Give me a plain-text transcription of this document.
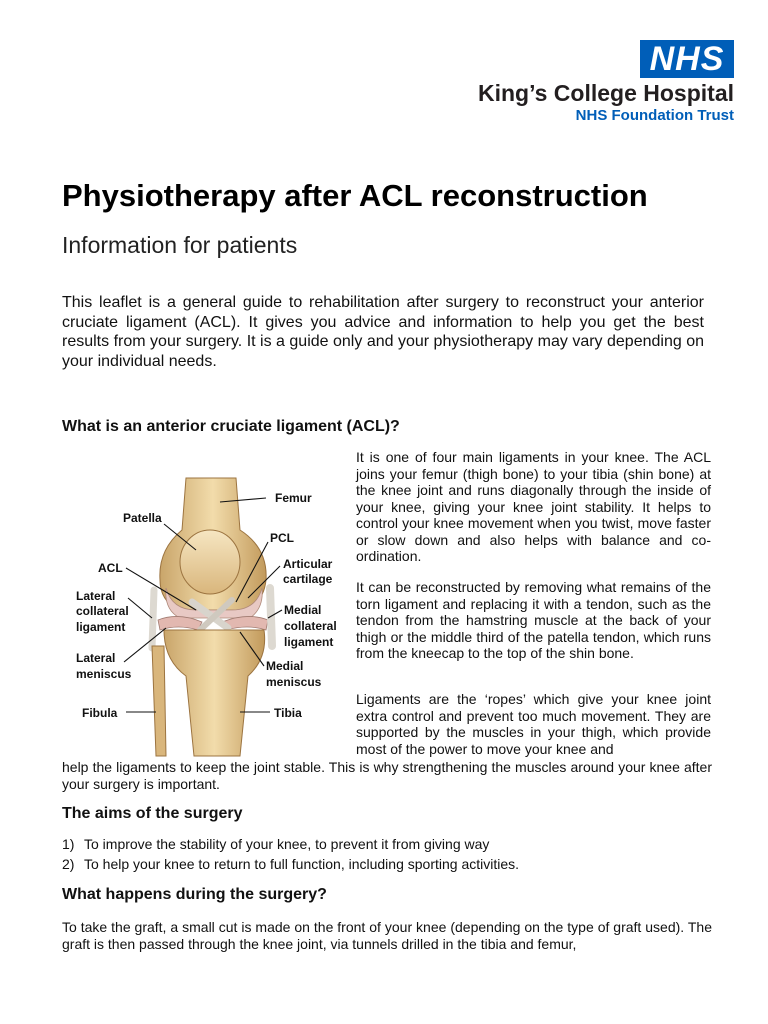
NHS
King’s College Hospital
NHS Foundation Trust
Physiotherapy after ACL reconstruction
Information for patients
This leaflet is a general guide to rehabilitation after surgery to reconstruct your anterior cruciate ligament (ACL). It gives you advice and information to help you get the best results from your surgery. It is a guide only and your physiotherapy may vary depending on your individual needs.
What is an anterior cruciate ligament (ACL)?
It is one of four main ligaments in your knee. The ACL joins your femur (thigh bone) to your tibia (shin bone) at the knee joint and runs diagonally through the inside of your knee, giving your knee joint stability. It helps to control your knee movement when you twist, move faster or slow down and also helps with balance and co-ordination.
It can be reconstructed by removing what remains of the torn ligament and replacing it with a tendon, such as the tendon from the hamstring muscle at the back of your thigh or the middle third of the patella tendon, which runs from the kneecap to the top of the shin bone.
Ligaments are the ‘ropes’ which give your knee joint extra control and prevent too much movement. They are supported by the muscles in your thigh, which provide most of the power to move your knee and
help the ligaments to keep the joint stable. This is why strengthening the muscles around your knee after your surgery is important.
Femur
Patella
PCL
ACL	Articular
cartilage
Lateral
collateral
ligament
Medial
collateral
ligament
Lateral
meniscus
Medial
meniscus
Fibula	Tibia
The aims of the surgery
1) To improve the stability of your knee, to prevent it from giving way
2) To help your knee to return to full function, including sporting activities.
What happens during the surgery?
To take the graft, a small cut is made on the front of your knee (depending on the type of graft used). The graft is then passed through the knee joint, via tunnels drilled in the tibia and femur,
